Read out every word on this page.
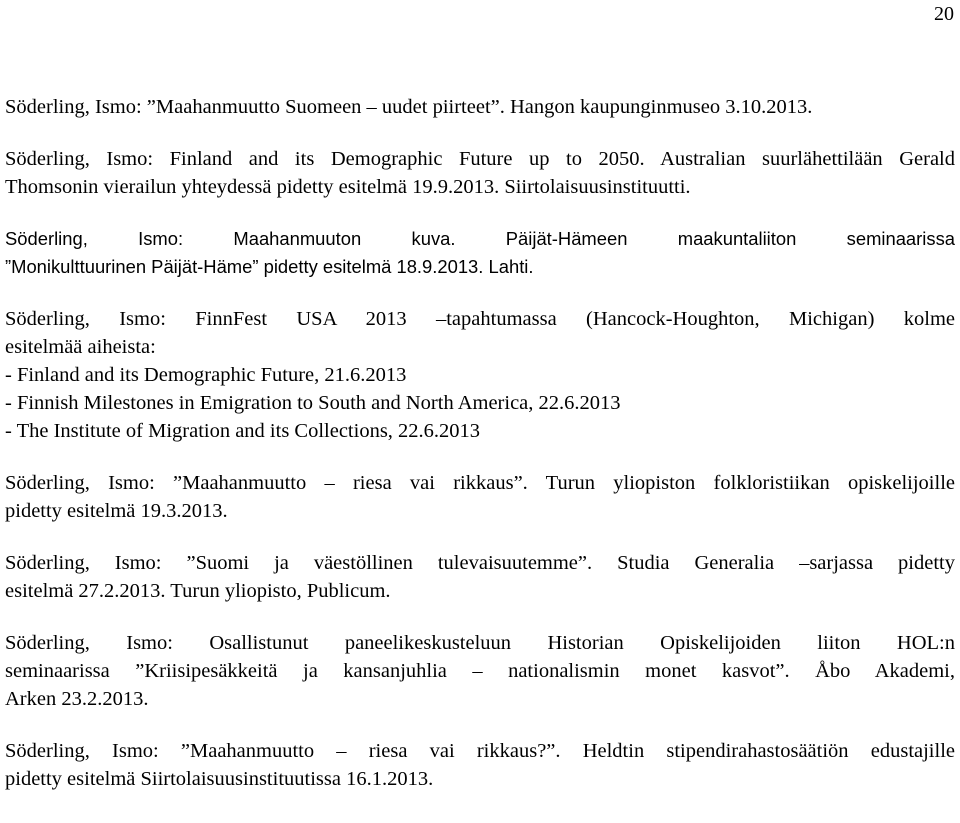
20

Söderling, Ismo: ”Maahanmuutto Suomeen – uudet piirteet”. Hangon kaupunginmuseo 3.10.2013.

Söderling, Ismo: Finland and its Demographic Future up to 2050. Australian suurlähettilään Gerald
Thomsonin vierailun yhteydessä pidetty esitelmä 19.9.2013. Siirtolaisuusinstituutti.

Söderling, Ismo: Maahanmuuton kuva. Päijät-Hämeen maakuntaliiton seminaarissa
”Monikulttuurinen Päijät-Häme” pidetty esitelmä 18.9.2013. Lahti.

Söderling, Ismo: FinnFest USA 2013 –tapahtumassa (Hancock-Houghton, Michigan) kolme
esitelmää aiheista:
- Finland and its Demographic Future, 21.6.2013
- Finnish Milestones in Emigration to South and North America, 22.6.2013
- The Institute of Migration and its Collections, 22.6.2013

Söderling, Ismo: ”Maahanmuutto – riesa vai rikkaus”. Turun yliopiston folkloristiikan opiskelijoille
pidetty esitelmä 19.3.2013.

Söderling, Ismo: ”Suomi ja väestöllinen tulevaisuutemme”. Studia Generalia –sarjassa pidetty
esitelmä 27.2.2013. Turun yliopisto, Publicum.

Söderling, Ismo: Osallistunut paneelikeskusteluun Historian Opiskelijoiden liiton HOL:n
seminaarissa ”Kriisipesäkkeitä ja kansanjuhlia – nationalismin monet kasvot”. Åbo Akademi,
Arken 23.2.2013.

Söderling, Ismo: ”Maahanmuutto – riesa vai rikkaus?”. Heldtin stipendirahastosäätiön edustajille
pidetty esitelmä Siirtolaisuusinstituutissa 16.1.2013.
